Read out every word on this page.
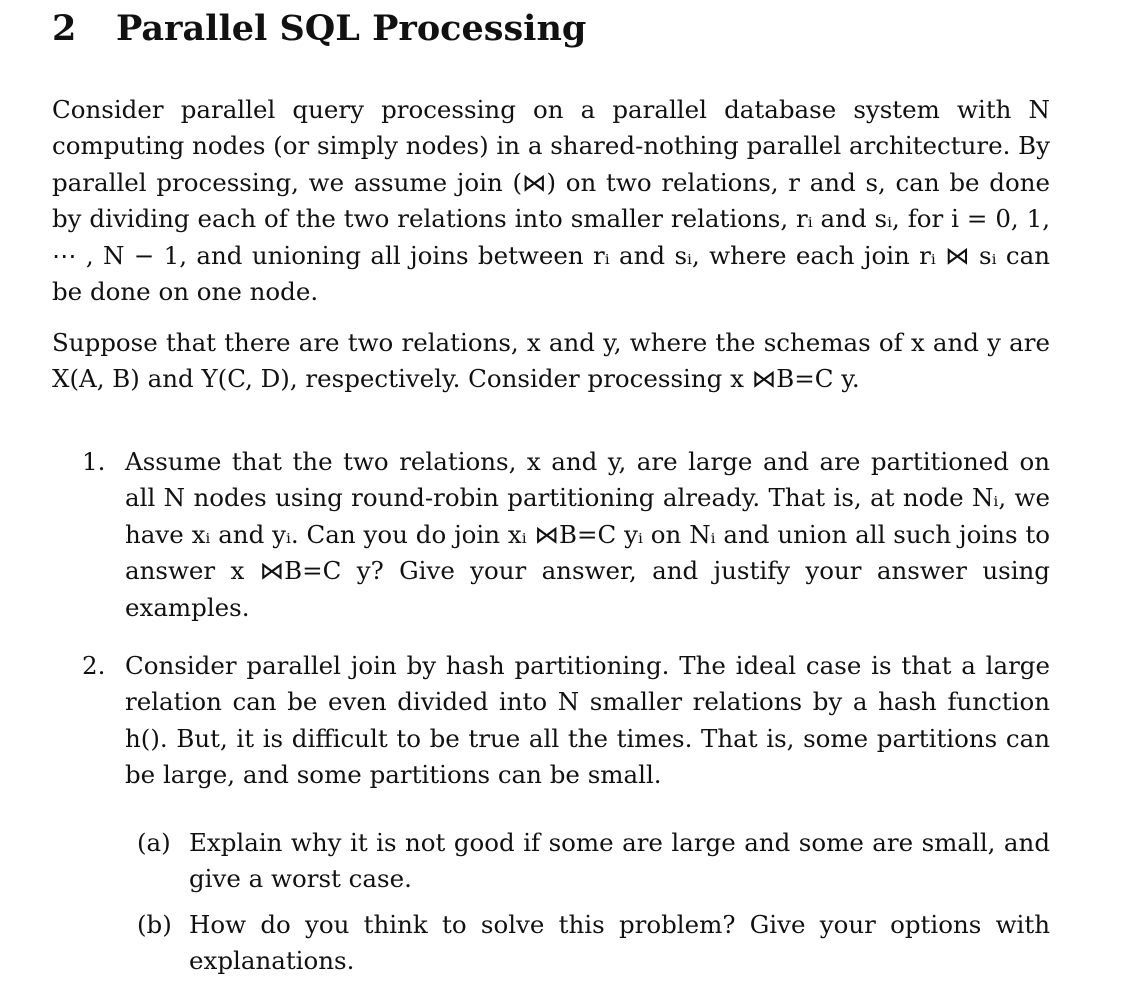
2 Parallel SQL Processing

Consider parallel query processing on a parallel database system with N computing nodes (or simply nodes) in a shared-nothing parallel architecture. By parallel processing, we assume join (⋈) on two relations, r and s, can be done by dividing each of the two relations into smaller relations, rᵢ and sᵢ, for i = 0, 1, ⋯ , N − 1, and unioning all joins between rᵢ and sᵢ, where each join rᵢ ⋈ sᵢ can be done on one node.

Suppose that there are two relations, x and y, where the schemas of x and y are X(A, B) and Y(C, D), respectively. Consider processing x ⋈B=C y.

1. Assume that the two relations, x and y, are large and are partitioned on all N nodes using round-robin partitioning already. That is, at node Nᵢ, we have xᵢ and yᵢ. Can you do join xᵢ ⋈B=C yᵢ on Nᵢ and union all such joins to answer x ⋈B=C y? Give your answer, and justify your answer using examples.

2. Consider parallel join by hash partitioning. The ideal case is that a large relation can be even divided into N smaller relations by a hash function h(). But, it is difficult to be true all the times. That is, some partitions can be large, and some partitions can be small.

(a) Explain why it is not good if some are large and some are small, and give a worst case.

(b) How do you think to solve this problem? Give your options with explanations.
